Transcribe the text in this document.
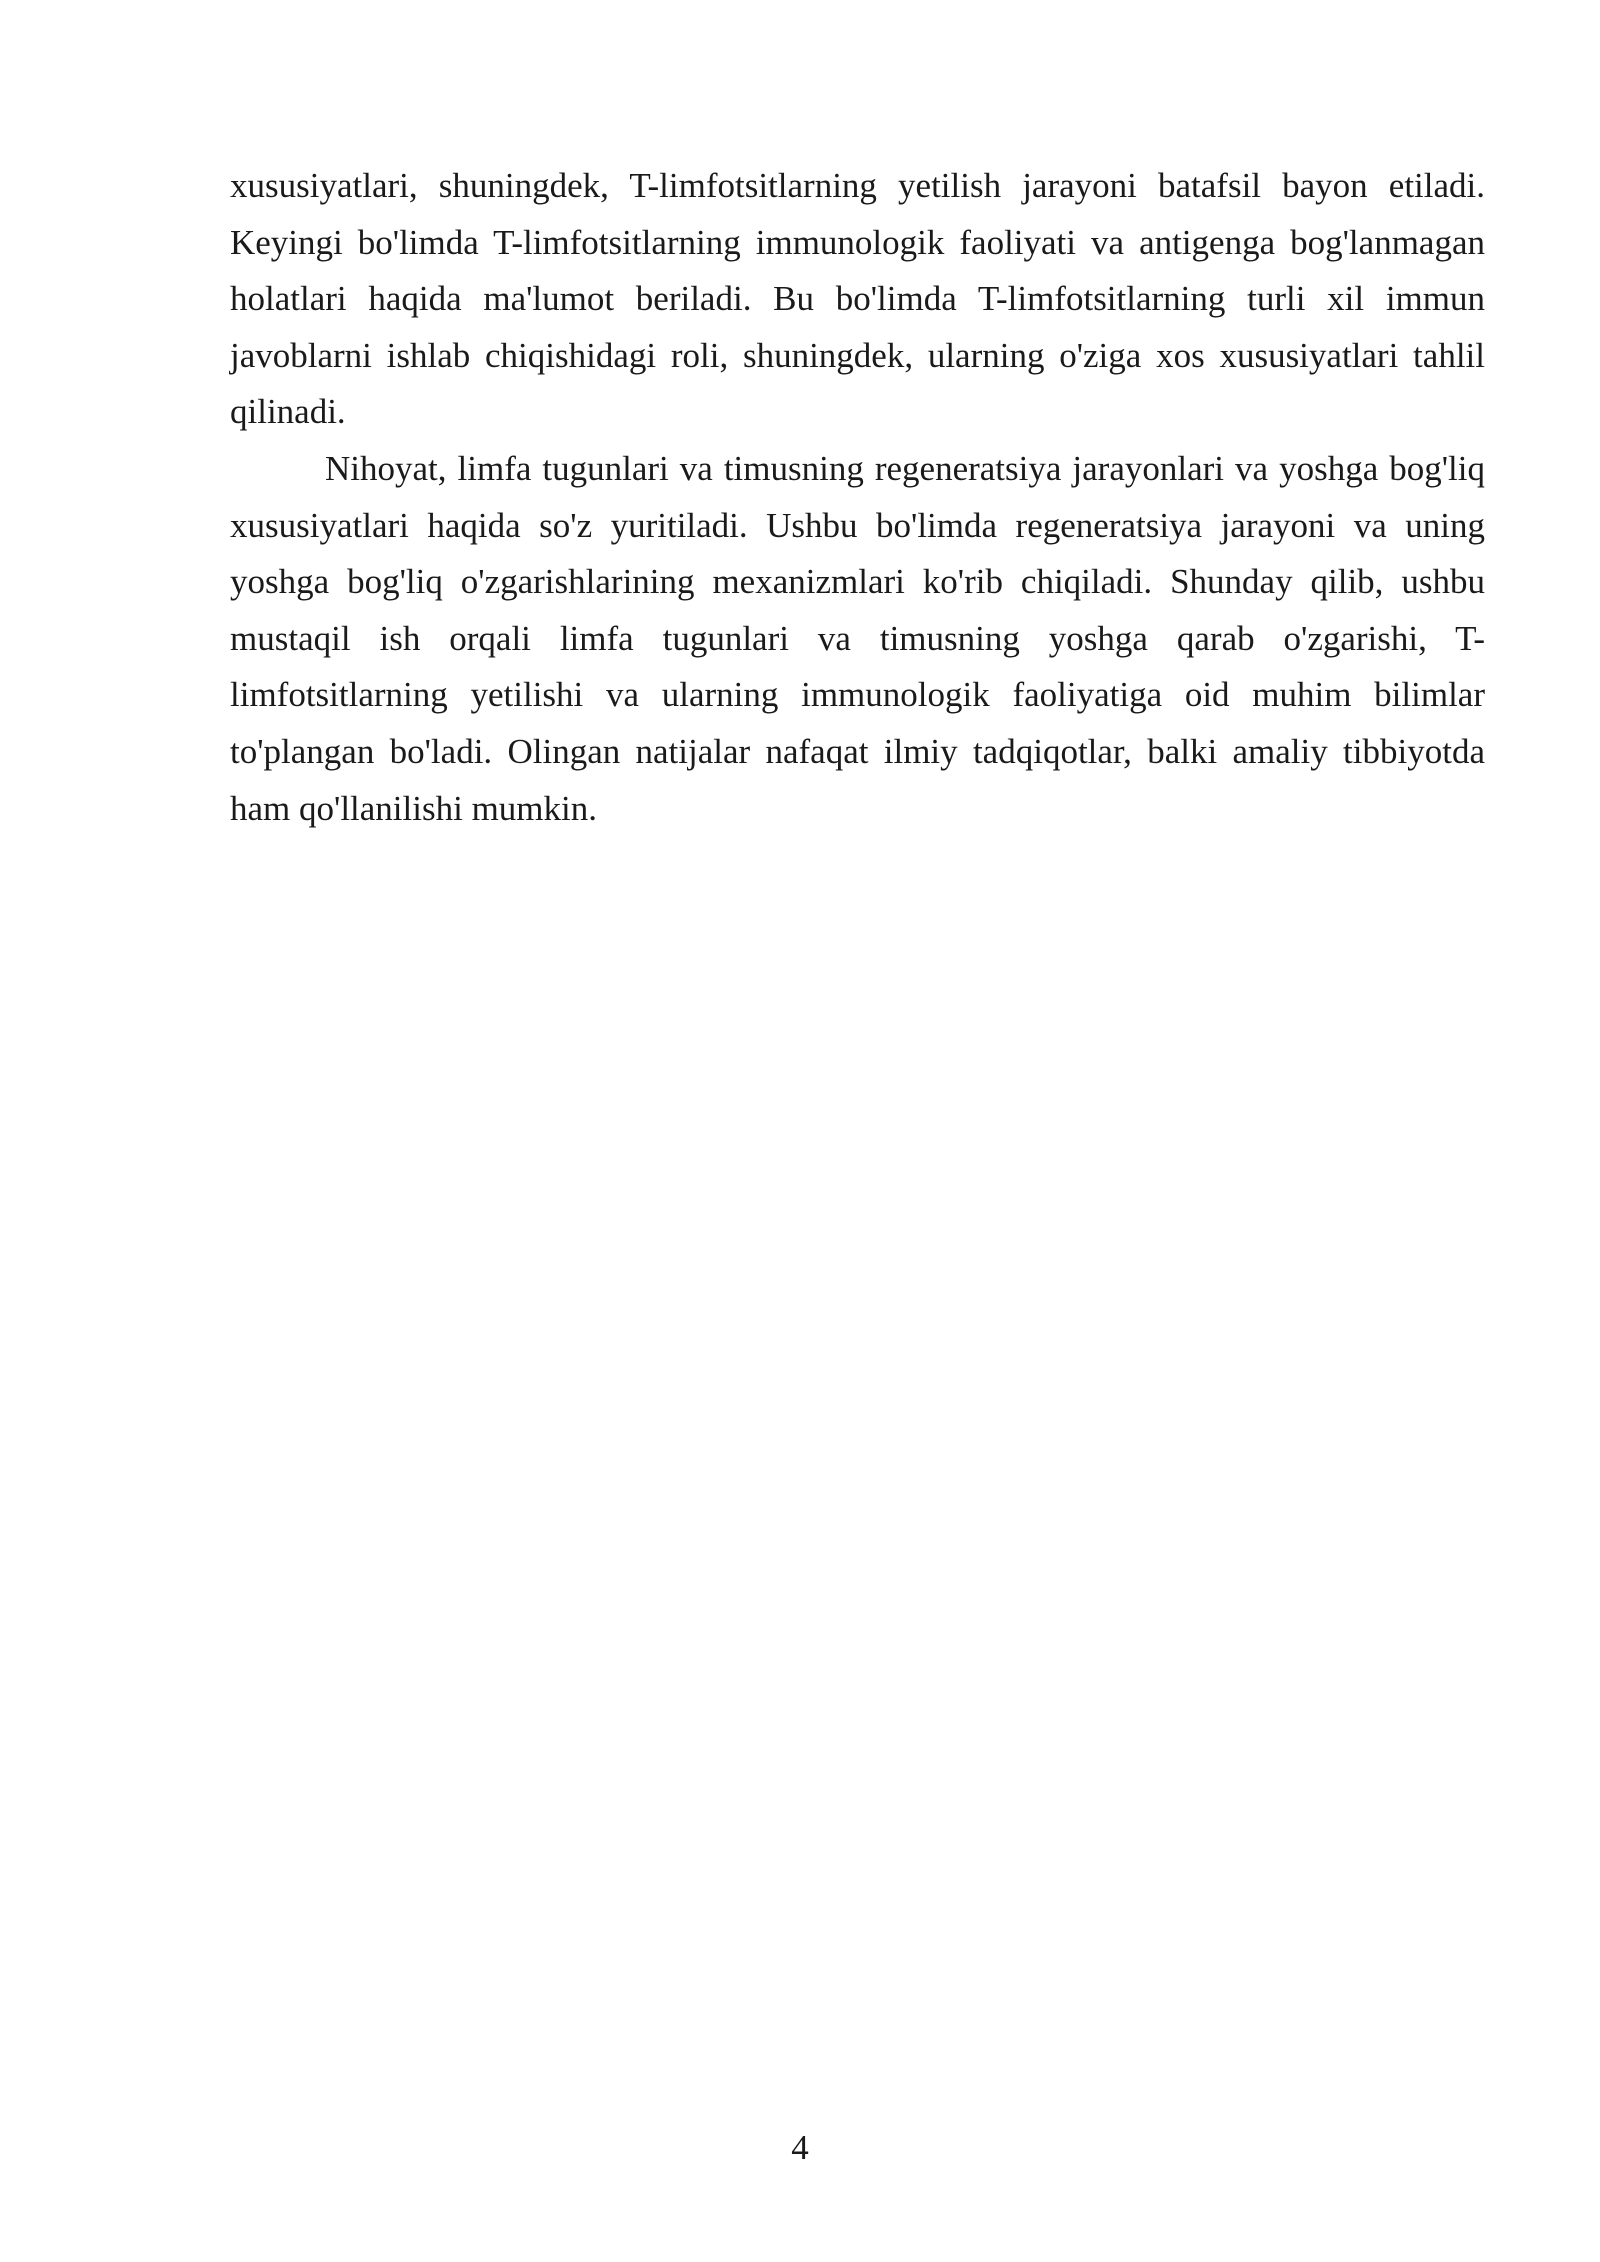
xususiyatlari, shuningdek, T-limfotsitlarning yetilish jarayoni batafsil bayon etiladi. Keyingi bo'limda T-limfotsitlarning immunologik faoliyati va antigenga bog'lanmagan holatlari haqida ma'lumot beriladi. Bu bo'limda T-limfotsitlarning turli xil immun javoblarni ishlab chiqishidagi roli, shuningdek, ularning o'ziga xos xususiyatlari tahlil qilinadi.

Nihoyat, limfa tugunlari va timusning regeneratsiya jarayonlari va yoshga bog'liq xususiyatlari haqida so'z yuritiladi. Ushbu bo'limda regeneratsiya jarayoni va uning yoshga bog'liq o'zgarishlarining mexanizmlari ko'rib chiqiladi. Shunday qilib, ushbu mustaqil ish orqali limfa tugunlari va timusning yoshga qarab o'zgarishi, T-limfotsitlarning yetilishi va ularning immunologik faoliyatiga oid muhim bilimlar to'plangan bo'ladi. Olingan natijalar nafaqat ilmiy tadqiqotlar, balki amaliy tibbiyotda ham qo'llanilishi mumkin.

4
